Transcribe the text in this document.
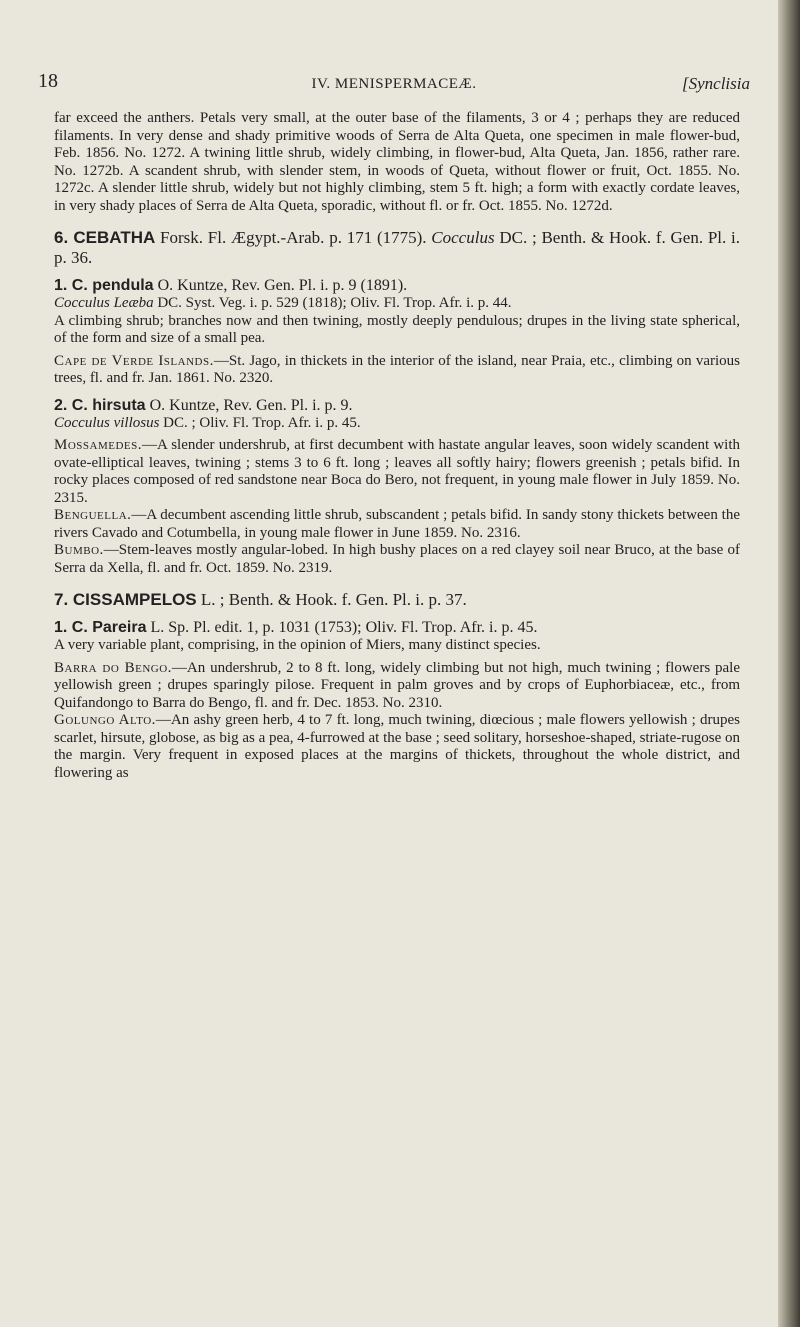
18	IV. MENISPERMACEÆ.	[Synclisia

far exceed the anthers. Petals very small, at the outer base of the filaments, 3 or 4 ; perhaps they are reduced filaments. In very dense and shady primitive woods of Serra de Alta Queta, one specimen in male flower-bud, Feb. 1856. No. 1272. A twining little shrub, widely climbing, in flower-bud, Alta Queta, Jan. 1856, rather rare. No. 1272b. A scandent shrub, with slender stem, in woods of Queta, without flower or fruit, Oct. 1855. No. 1272c. A slender little shrub, widely but not highly climbing, stem 5 ft. high; a form with exactly cordate leaves, in very shady places of Serra de Alta Queta, sporadic, without fl. or fr. Oct. 1855. No. 1272d.

6. CEBATHA Forsk. Fl. Ægypt.-Arab. p. 171 (1775). Cocculus DC. ; Benth. & Hook. f. Gen. Pl. i. p. 36.

1. C. pendula O. Kuntze, Rev. Gen. Pl. i. p. 9 (1891).

Cocculus Leæba DC. Syst. Veg. i. p. 529 (1818); Oliv. Fl. Trop. Afr. i. p. 44.

A climbing shrub; branches now and then twining, mostly deeply pendulous; drupes in the living state spherical, of the form and size of a small pea.

Cape de Verde Islands.—St. Jago, in thickets in the interior of the island, near Praia, etc., climbing on various trees, fl. and fr. Jan. 1861. No. 2320.

2. C. hirsuta O. Kuntze, Rev. Gen. Pl. i. p. 9.

Cocculus villosus DC. ; Oliv. Fl. Trop. Afr. i. p. 45.

Mossamedes.—A slender undershrub, at first decumbent with hastate angular leaves, soon widely scandent with ovate-elliptical leaves, twining ; stems 3 to 6 ft. long ; leaves all softly hairy; flowers greenish ; petals bifid. In rocky places composed of red sandstone near Boca do Bero, not frequent, in young male flower in July 1859. No. 2315.

Benguella.—A decumbent ascending little shrub, subscandent ; petals bifid. In sandy stony thickets between the rivers Cavado and Cotumbella, in young male flower in June 1859. No. 2316.

Bumbo.—Stem-leaves mostly angular-lobed. In high bushy places on a red clayey soil near Bruco, at the base of Serra da Xella, fl. and fr. Oct. 1859. No. 2319.

7. CISSAMPELOS L. ; Benth. & Hook. f. Gen. Pl. i. p. 37.

1. C. Pareira L. Sp. Pl. edit. 1, p. 1031 (1753); Oliv. Fl. Trop. Afr. i. p. 45.

A very variable plant, comprising, in the opinion of Miers, many distinct species.

Barra do Bengo.—An undershrub, 2 to 8 ft. long, widely climbing but not high, much twining ; flowers pale yellowish green ; drupes sparingly pilose. Frequent in palm groves and by crops of Euphorbiaceæ, etc., from Quifandongo to Barra do Bengo, fl. and fr. Dec. 1853. No. 2310.

Golungo Alto.—An ashy green herb, 4 to 7 ft. long, much twining, diœcious ; male flowers yellowish ; drupes scarlet, hirsute, globose, as big as a pea, 4-furrowed at the base ; seed solitary, horseshoe-shaped, striate-rugose on the margin. Very frequent in exposed places at the margins of thickets, throughout the whole district, and flowering as
